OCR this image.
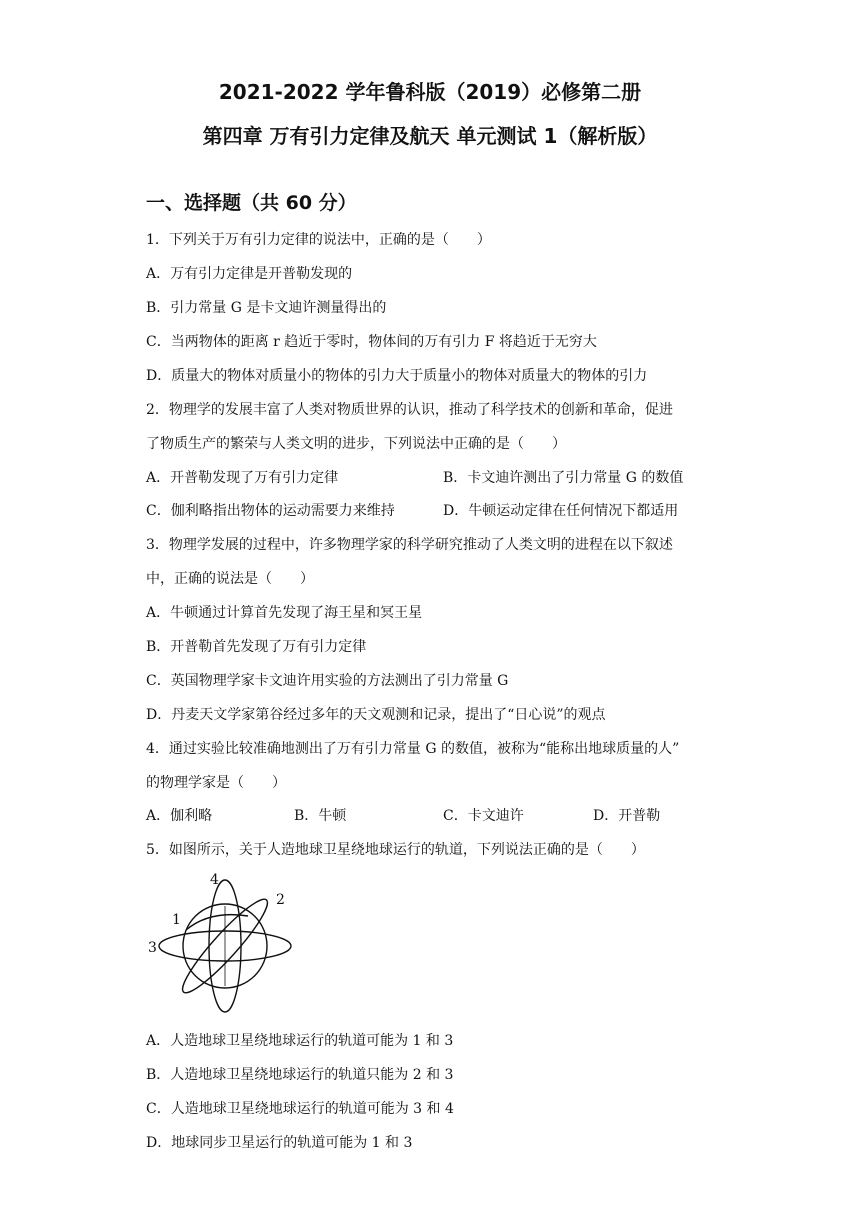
2021-2022 学年鲁科版（2019）必修第二册
第四章 万有引力定律及航天 单元测试 1（解析版）
一、选择题（共 60 分）
1．下列关于万有引力定律的说法中，正确的是（　　）
A．万有引力定律是开普勒发现的
B．引力常量 G 是卡文迪许测量得出的
C．当两物体的距离 r 趋近于零时，物体间的万有引力 F 将趋近于无穷大
D．质量大的物体对质量小的物体的引力大于质量小的物体对质量大的物体的引力
2．物理学的发展丰富了人类对物质世界的认识，推动了科学技术的创新和革命，促进
了物质生产的繁荣与人类文明的进步，下列说法中正确的是（　　）
A．开普勒发现了万有引力定律	B．卡文迪许测出了引力常量 G 的数值
C．伽利略指出物体的运动需要力来维持	D．牛顿运动定律在任何情况下都适用
3．物理学发展的过程中，许多物理学家的科学研究推动了人类文明的进程在以下叙述
中，正确的说法是（　　）
A．牛顿通过计算首先发现了海王星和冥王星
B．开普勒首先发现了万有引力定律
C．英国物理学家卡文迪许用实验的方法测出了引力常量 G
D．丹麦天文学家第谷经过多年的天文观测和记录，提出了“日心说”的观点
4．通过实验比较准确地测出了万有引力常量 G 的数值，被称为“能称出地球质量的人”
的物理学家是（　　）
A．伽利略	B．牛顿	C．卡文迪许	D．开普勒
5．如图所示，关于人造地球卫星绕地球运行的轨道，下列说法正确的是（　　）
1
2
3
4
A．人造地球卫星绕地球运行的轨道可能为 1 和 3
B．人造地球卫星绕地球运行的轨道只能为 2 和 3
C．人造地球卫星绕地球运行的轨道可能为 3 和 4
D．地球同步卫星运行的轨道可能为 1 和 3
